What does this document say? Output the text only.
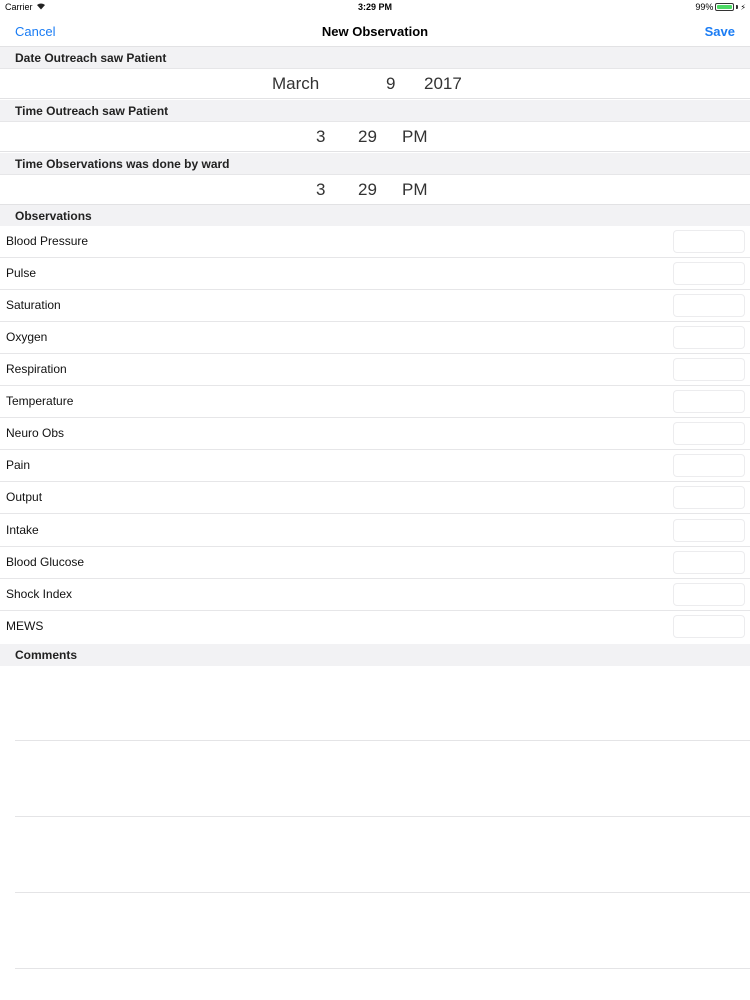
Carrier	3:29 PM	99%	⚡
Cancel	New Observation	Save
Date Outreach saw Patient
March	9 2017
Time Outreach saw Patient
3 29 PM
Time Observations was done by ward
3 29 PM
Observations
Blood Pressure
Pulse
Saturation
Oxygen
Respiration
Temperature
Neuro Obs
Pain
Output
Intake
Blood Glucose
Shock Index
MEWS
Comments
